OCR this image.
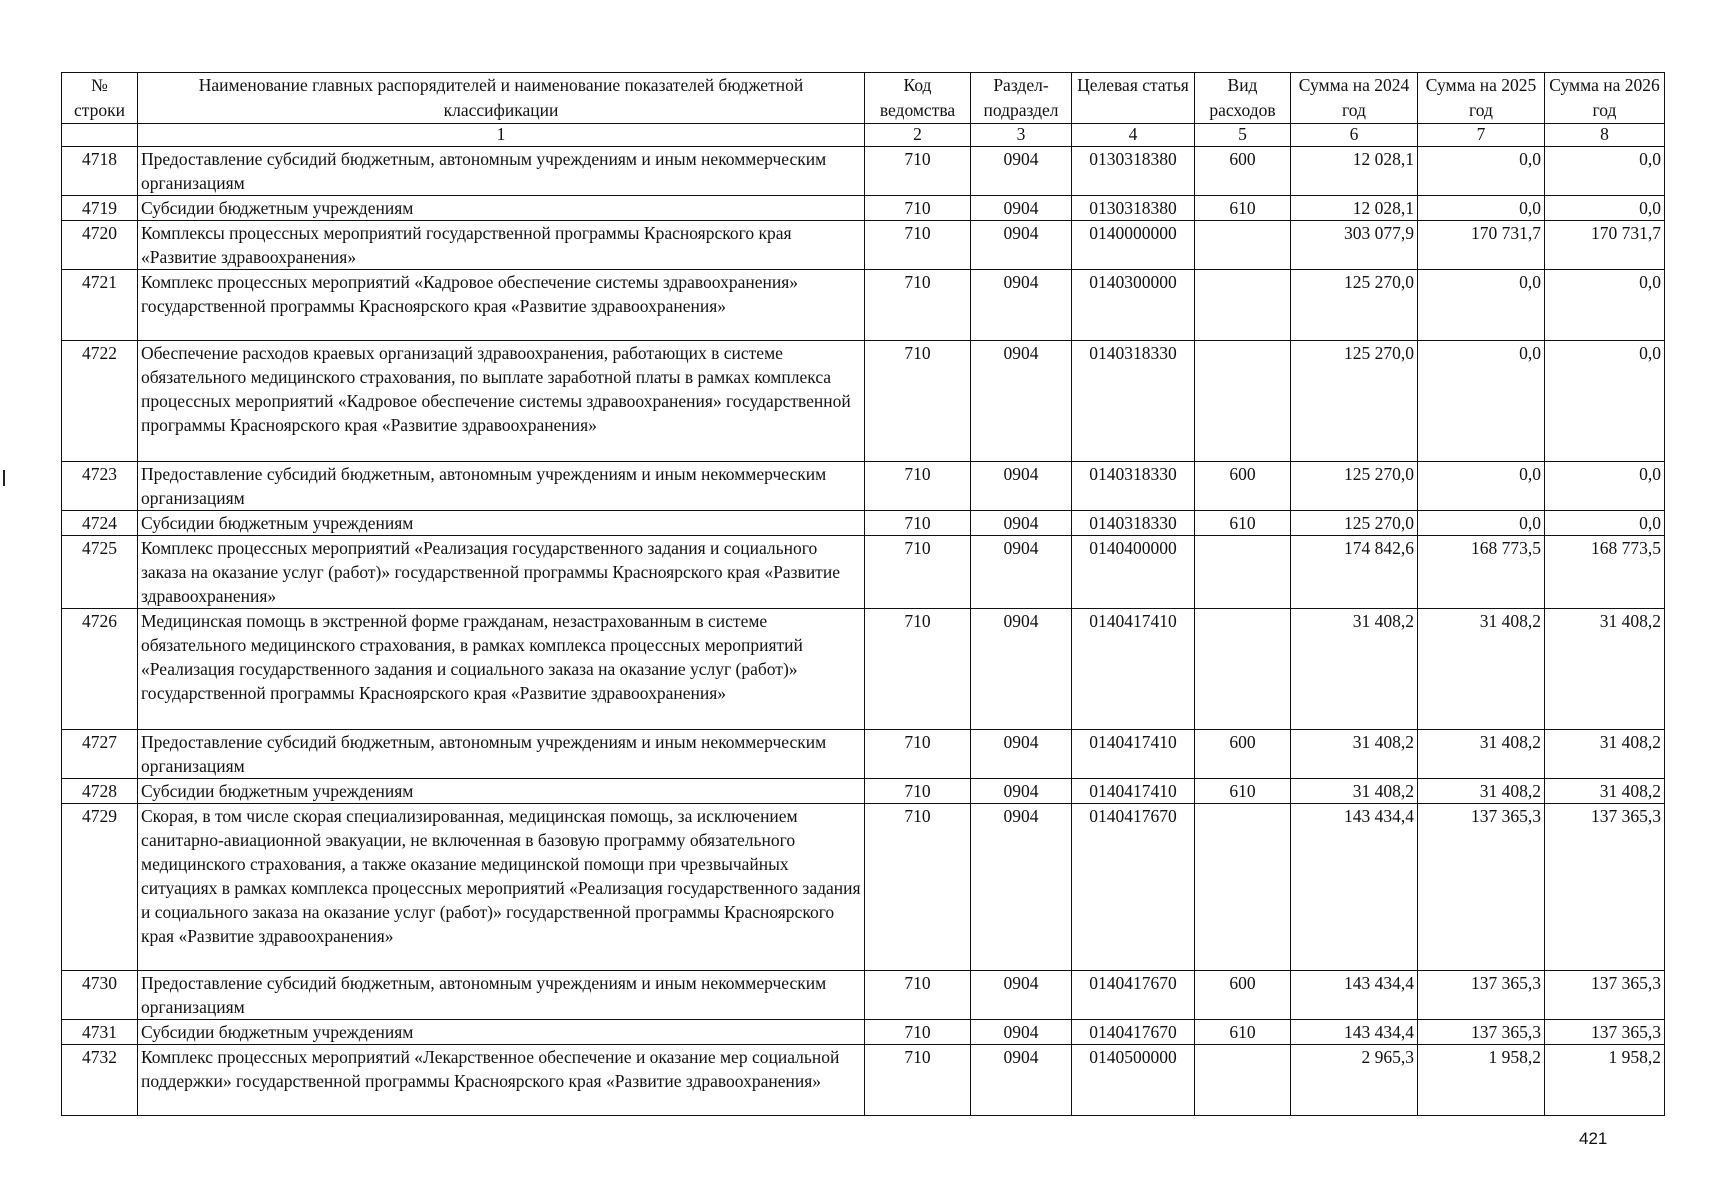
№ строки	Наименование главных распорядителей и наименование показателей бюджетной классификации	Код ведомства	Раздел-подраздел	Целевая статья	Вид расходов	Сумма на 2024 год	Сумма на 2025 год	Сумма на 2026 год
	1	2	3	4	5	6	7	8
4718	Предоставление субсидий бюджетным, автономным учреждениям и иным некоммерческим организациям	710	0904	0130318380	600	12 028,1	0,0	0,0
4719	Субсидии бюджетным учреждениям	710	0904	0130318380	610	12 028,1	0,0	0,0
4720	Комплексы процессных мероприятий государственной программы Красноярского края «Развитие здравоохранения»	710	0904	0140000000		303 077,9	170 731,7	170 731,7
4721	Комплекс процессных мероприятий «Кадровое обеспечение системы здравоохранения» государственной программы Красноярского края «Развитие здравоохранения»	710	0904	0140300000		125 270,0	0,0	0,0
4722	Обеспечение расходов краевых организаций здравоохранения, работающих в системе обязательного медицинского страхования, по выплате заработной платы в рамках комплекса процессных мероприятий «Кадровое обеспечение системы здравоохранения» государственной программы Красноярского края «Развитие здравоохранения»	710	0904	0140318330		125 270,0	0,0	0,0
4723	Предоставление субсидий бюджетным, автономным учреждениям и иным некоммерческим организациям	710	0904	0140318330	600	125 270,0	0,0	0,0
4724	Субсидии бюджетным учреждениям	710	0904	0140318330	610	125 270,0	0,0	0,0
4725	Комплекс процессных мероприятий «Реализация государственного задания и социального заказа на оказание услуг (работ)» государственной программы Красноярского края «Развитие здравоохранения»	710	0904	0140400000		174 842,6	168 773,5	168 773,5
4726	Медицинская помощь в экстренной форме гражданам, незастрахованным в системе обязательного медицинского страхования, в рамках комплекса процессных мероприятий «Реализация государственного задания и социального заказа на оказание услуг (работ)» государственной программы Красноярского края «Развитие здравоохранения»	710	0904	0140417410		31 408,2	31 408,2	31 408,2
4727	Предоставление субсидий бюджетным, автономным учреждениям и иным некоммерческим организациям	710	0904	0140417410	600	31 408,2	31 408,2	31 408,2
4728	Субсидии бюджетным учреждениям	710	0904	0140417410	610	31 408,2	31 408,2	31 408,2
4729	Скорая, в том числе скорая специализированная, медицинская помощь, за исключением санитарно-авиационной эвакуации, не включенная в базовую программу обязательного медицинского страхования, а также оказание медицинской помощи при чрезвычайных ситуациях в рамках комплекса процессных мероприятий «Реализация государственного задания и социального заказа на оказание услуг (работ)» государственной программы Красноярского края «Развитие здравоохранения»	710	0904	0140417670		143 434,4	137 365,3	137 365,3
4730	Предоставление субсидий бюджетным, автономным учреждениям и иным некоммерческим организациям	710	0904	0140417670	600	143 434,4	137 365,3	137 365,3
4731	Субсидии бюджетным учреждениям	710	0904	0140417670	610	143 434,4	137 365,3	137 365,3
4732	Комплекс процессных мероприятий «Лекарственное обеспечение и оказание мер социальной поддержки» государственной программы Красноярского края «Развитие здравоохранения»	710	0904	0140500000		2 965,3	1 958,2	1 958,2
421
